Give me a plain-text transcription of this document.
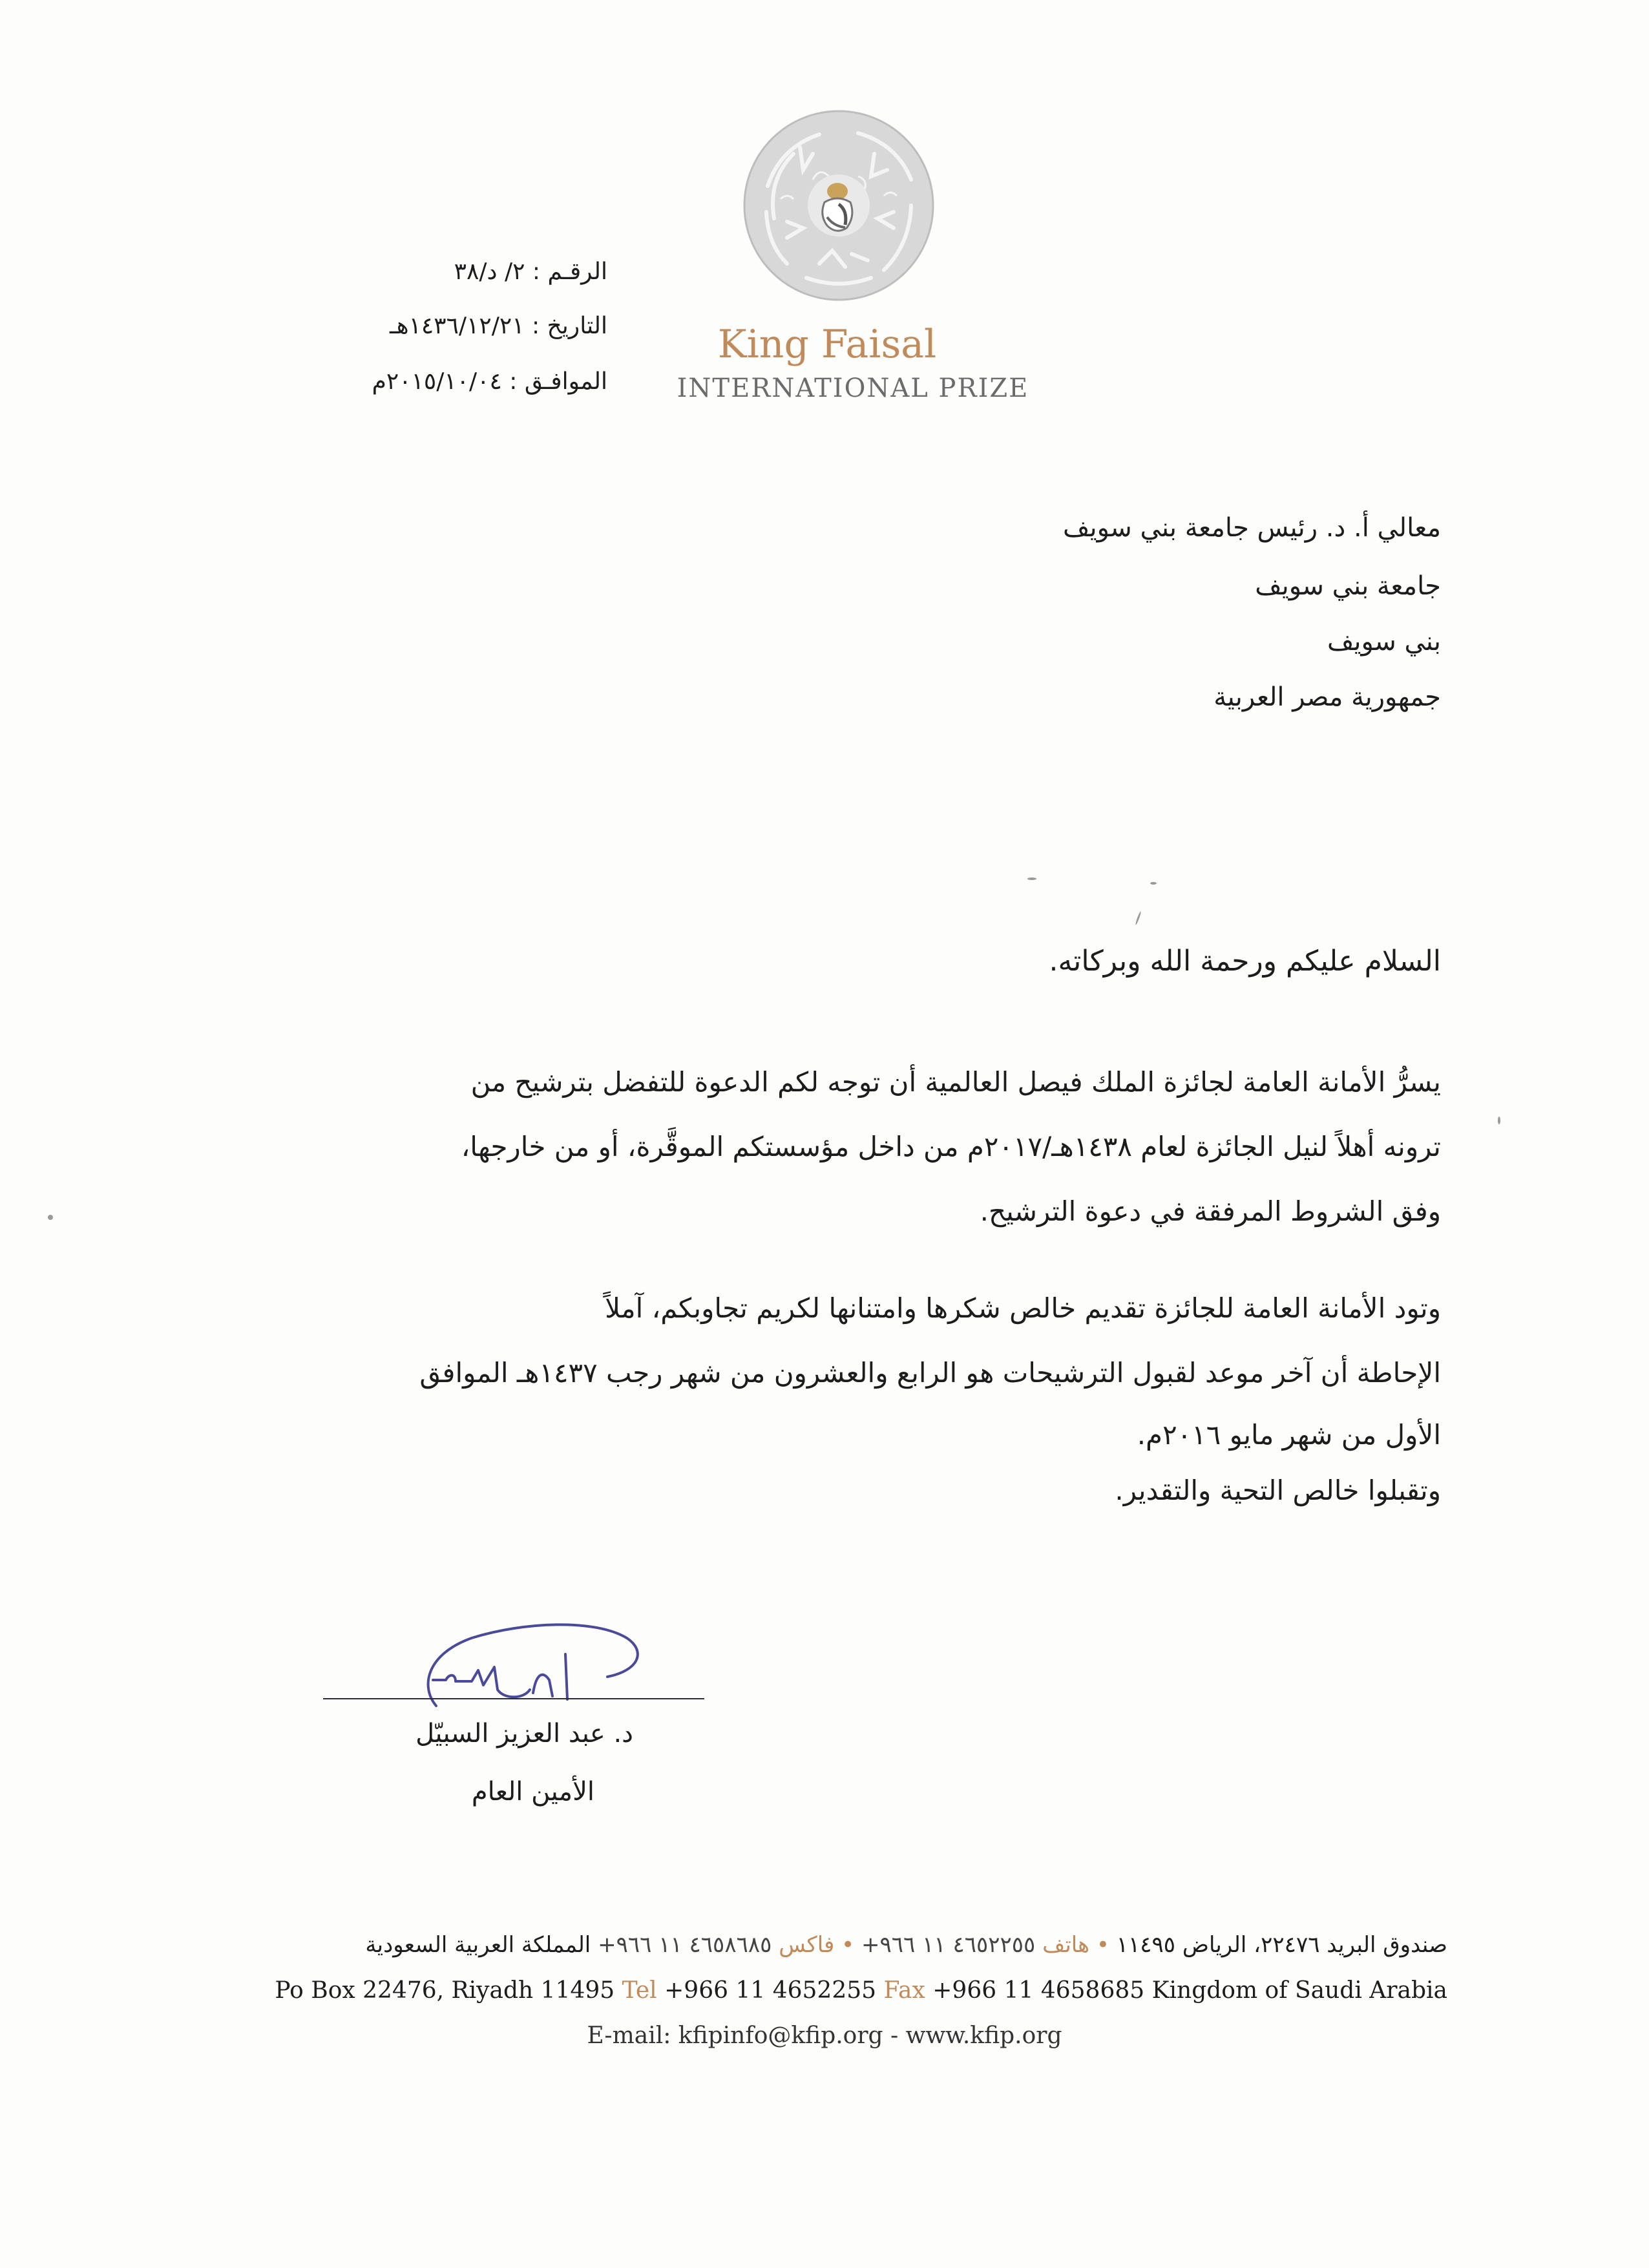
King Faisal
INTERNATIONAL PRIZE
الرقـم : ٢/ د/٣٨
التاريخ : ١٤٣٦/١٢/٢١هـ
الموافـق : ٢٠١٥/١٠/٠٤م
معالي أ. د. رئيس جامعة بني سويف
جامعة بني سويف
بني سويف
جمهورية مصر العربية
السلام عليكم ورحمة الله وبركاته.
يسرُّ الأمانة العامة لجائزة الملك فيصل العالمية أن توجه لكم الدعوة للتفضل بترشيح من
ترونه أهلاً لنيل الجائزة لعام ١٤٣٨هـ/٢٠١٧م من داخل مؤسستكم الموقَّرة، أو من خارجها،
وفق الشروط المرفقة في دعوة الترشيح.
وتود الأمانة العامة للجائزة تقديم خالص شكرها وامتنانها لكريم تجاوبكم، آملاً
الإحاطة أن آخر موعد لقبول الترشيحات هو الرابع والعشرون من شهر رجب ١٤٣٧هـ الموافق
الأول من شهر مايو ٢٠١٦م.
وتقبلوا خالص التحية والتقدير.
د. عبد العزيز السبيّل
الأمين العام
صندوق البريد ٢٢٤٧٦، الرياض ١١٤٩٥ • هاتف ٤٦٥٢٢٥٥ ١١ ٩٦٦+ • فاكس ٤٦٥٨٦٨٥ ١١ ٩٦٦+ المملكة العربية السعودية
Po Box 22476, Riyadh 11495 Tel +966 11 4652255 Fax +966 11 4658685 Kingdom of Saudi Arabia
E-mail: kfipinfo@kfip.org - www.kfip.org
